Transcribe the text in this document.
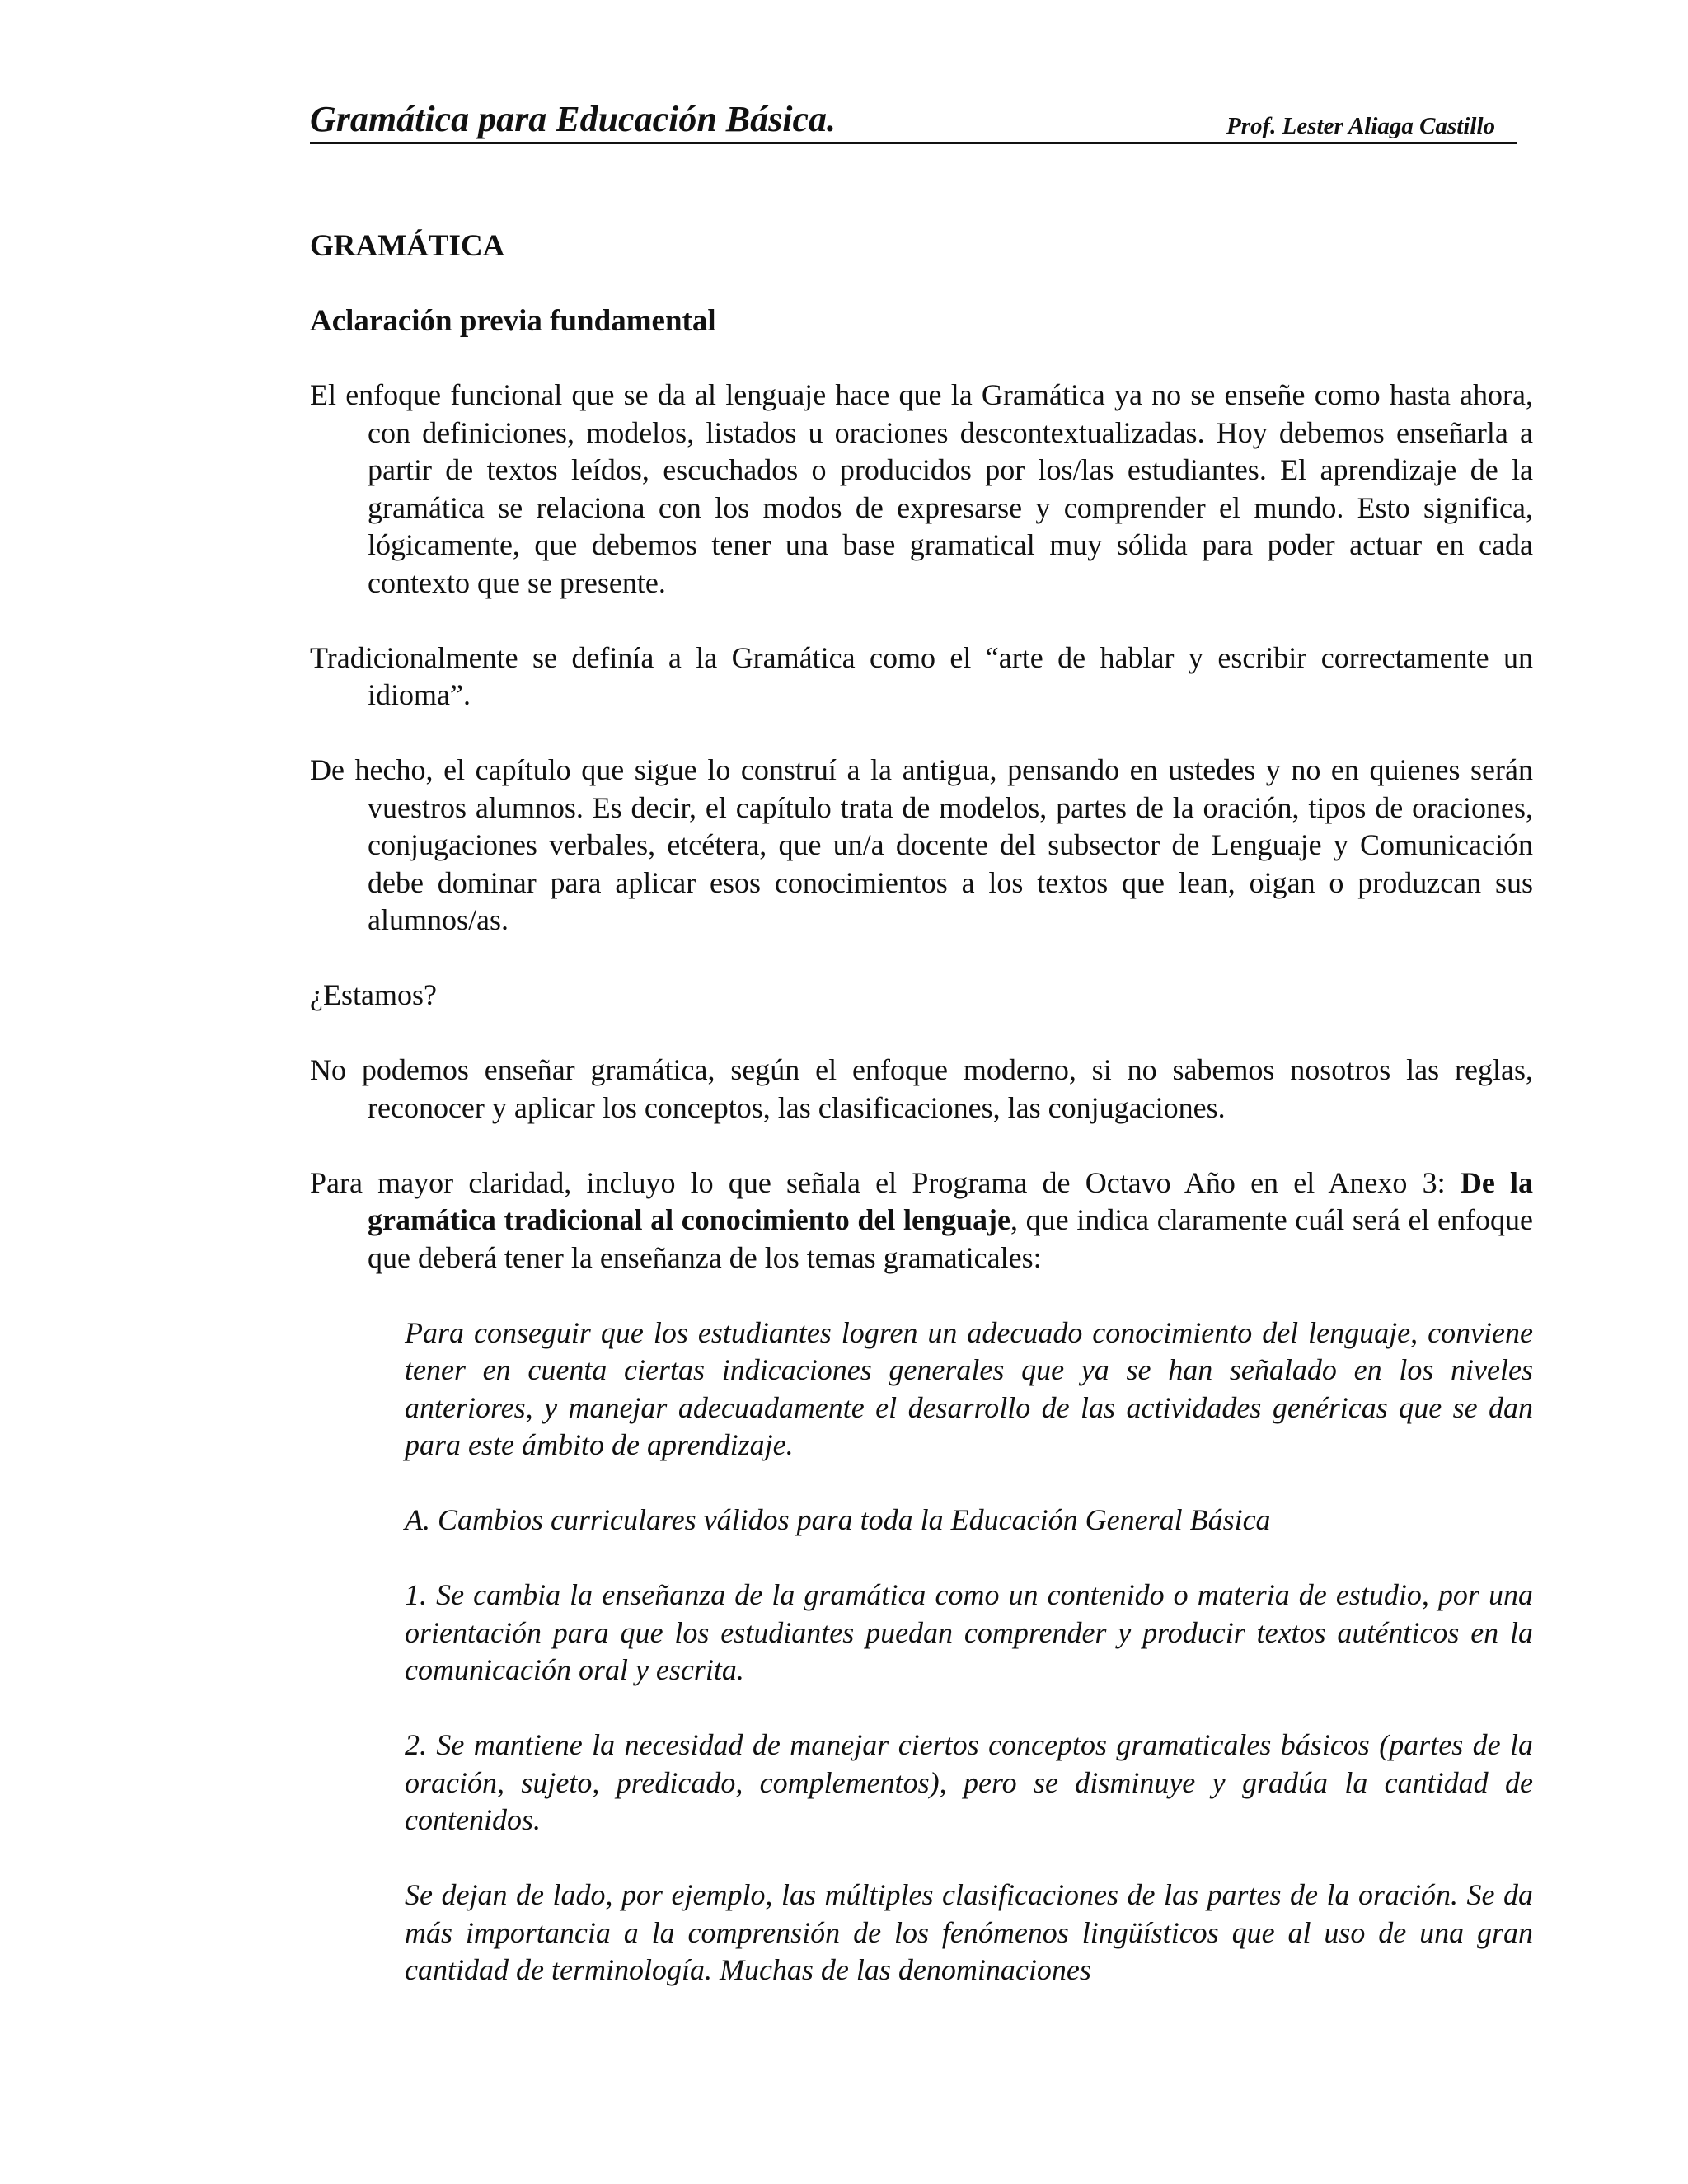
Gramática para Educación Básica.	Prof. Lester Aliaga Castillo
GRAMÁTICA
Aclaración previa fundamental

El enfoque funcional que se da al lenguaje hace que la Gramática ya no se enseñe como hasta ahora, con definiciones, modelos, listados u oraciones descontextualizadas. Hoy debemos enseñarla a partir de textos leídos, escuchados o producidos por los/las estudiantes. El aprendizaje de la gramática se relaciona con los modos de expresarse y comprender el mundo. Esto significa, lógicamente, que debemos tener una base gramatical muy sólida para poder actuar en cada contexto que se presente.

Tradicionalmente se definía a la Gramática como el “arte de hablar y escribir correctamente un idioma”.

De hecho, el capítulo que sigue lo construí a la antigua, pensando en ustedes y no en quienes serán vuestros alumnos. Es decir, el capítulo trata de modelos, partes de la oración, tipos de oraciones, conjugaciones verbales, etcétera, que un/a docente del subsector de Lenguaje y Comunicación debe dominar para aplicar esos conocimientos a los textos que lean, oigan o produzcan sus alumnos/as.

¿Estamos?

No podemos enseñar gramática, según el enfoque moderno, si no sabemos nosotros las reglas, reconocer y aplicar los conceptos, las clasificaciones, las conjugaciones.

Para mayor claridad, incluyo lo que señala el Programa de Octavo Año en el Anexo 3: De la gramática tradicional al conocimiento del lenguaje, que indica claramente cuál será el enfoque que deberá tener la enseñanza de los temas gramaticales:

Para conseguir que los estudiantes logren un adecuado conocimiento del lenguaje, conviene tener en cuenta ciertas indicaciones generales que ya se han señalado en los niveles anteriores, y manejar adecuadamente el desarrollo de las actividades genéricas que se dan para este ámbito de aprendizaje.

A. Cambios curriculares válidos para toda la Educación General Básica

1. Se cambia la enseñanza de la gramática como un contenido o materia de estudio, por una orientación para que los estudiantes puedan comprender y producir textos auténticos en la comunicación oral y escrita.

2. Se mantiene la necesidad de manejar ciertos conceptos gramaticales básicos (partes de la oración, sujeto, predicado, complementos), pero se disminuye y gradúa la cantidad de contenidos.

Se dejan de lado, por ejemplo, las múltiples clasificaciones de las partes de la oración. Se da más importancia a la comprensión de los fenómenos lingüísticos que al uso de una gran cantidad de terminología. Muchas de las denominaciones
